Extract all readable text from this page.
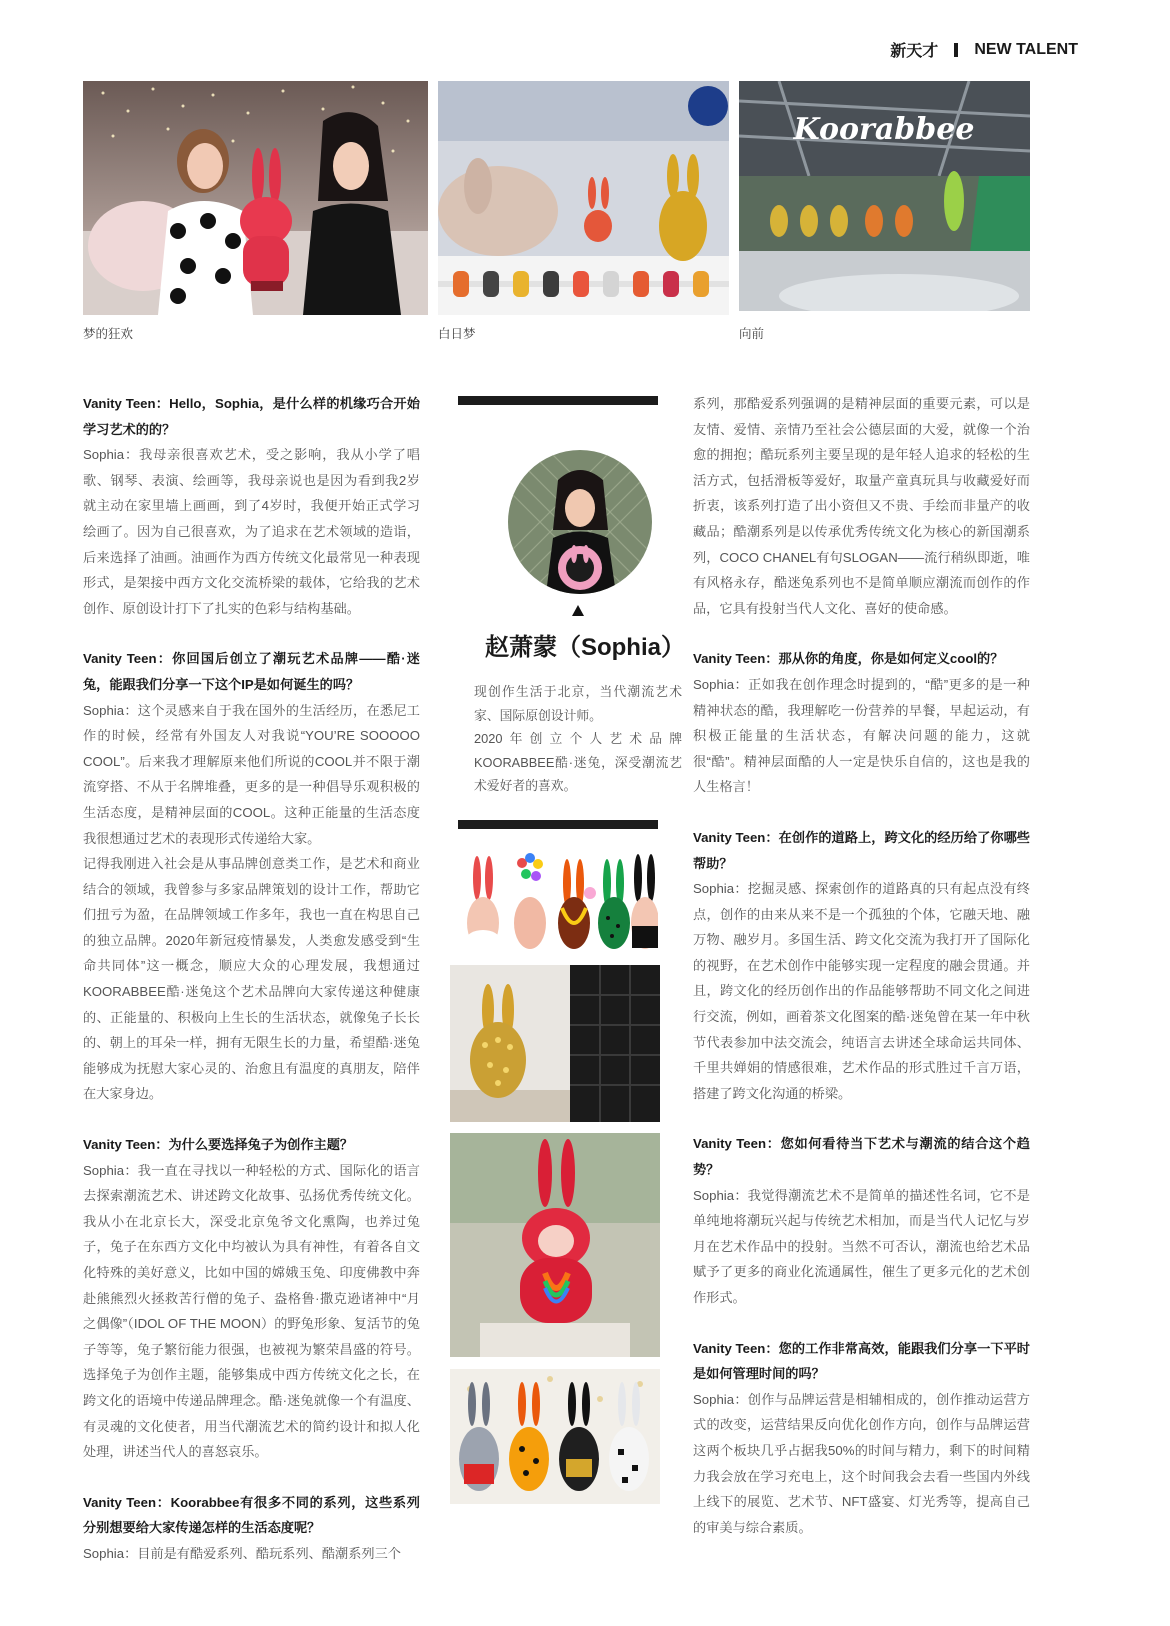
新天才 NEW TALENT
梦的狂欢	白日梦
Koorabbee
向前

Vanity Teen：Hello，Sophia，是什么样的机缘巧合开始学习艺术的的？

Sophia：我母亲很喜欢艺术，受之影响，我从小学了唱歌、钢琴、表演、绘画等，我母亲说也是因为看到我2岁就主动在家里墙上画画，到了4岁时，我便开始正式学习绘画了。因为自己很喜欢，为了追求在艺术领域的造诣，后来选择了油画。油画作为西方传统文化最常见一种表现形式，是架接中西方文化交流桥梁的载体，它给我的艺术创作、原创设计打下了扎实的色彩与结构基础。

Vanity Teen：你回国后创立了潮玩艺术品牌——酷·迷兔，能跟我们分享一下这个IP是如何诞生的吗？

Sophia：这个灵感来自于我在国外的生活经历，在悉尼工作的时候，经常有外国友人对我说“YOU’RE SOOOOO COOL”。后来我才理解原来他们所说的COOL并不限于潮流穿搭、不从于名牌堆叠，更多的是一种倡导乐观积极的生活态度，是精神层面的COOL。这种正能量的生活态度我很想通过艺术的表现形式传递给大家。

记得我刚进入社会是从事品牌创意类工作，是艺术和商业结合的领域，我曾参与多家品牌策划的设计工作，帮助它们扭亏为盈，在品牌领域工作多年，我也一直在构思自己的独立品牌。2020年新冠疫情暴发，人类愈发感受到“生命共同体”这一概念，顺应大众的心理发展，我想通过KOORABBEE酷·迷兔这个艺术品牌向大家传递这种健康的、正能量的、积极向上生长的生活状态，就像兔子长长的、朝上的耳朵一样，拥有无限生长的力量，希望酷·迷兔能够成为抚慰大家心灵的、治愈且有温度的真朋友，陪伴在大家身边。

Vanity Teen：为什么要选择兔子为创作主题？

Sophia：我一直在寻找以一种轻松的方式、国际化的语言去探索潮流艺术、讲述跨文化故事、弘扬优秀传统文化。我从小在北京长大，深受北京兔爷文化熏陶，也养过兔子，兔子在东西方文化中均被认为具有神性，有着各自文化特殊的美好意义，比如中国的嫦娥玉兔、印度佛教中奔赴熊熊烈火拯救苦行僧的兔子、盎格鲁·撒克逊诸神中“月之偶像”（IDOL OF THE MOON）的野兔形象、复活节的兔子等等，兔子繁衍能力很强，也被视为繁荣昌盛的符号。选择兔子为创作主题，能够集成中西方传统文化之长，在跨文化的语境中传递品牌理念。酷·迷兔就像一个有温度、有灵魂的文化使者，用当代潮流艺术的简约设计和拟人化处理，讲述当代人的喜怒哀乐。

Vanity Teen：Koorabbee有很多不同的系列，这些系列分别想要给大家传递怎样的生活态度呢？

Sophia：目前是有酷爱系列、酷玩系列、酷潮系列三个

赵萧蒙（Sophia）

现创作生活于北京，当代潮流艺术家、国际原创设计师。

2020年创立个人艺术品牌KOORABBEE酷·迷兔，深受潮流艺术爱好者的喜欢。

系列，那酷爱系列强调的是精神层面的重要元素，可以是友情、爱情、亲情乃至社会公德层面的大爱，就像一个治愈的拥抱；酷玩系列主要呈现的是年轻人追求的轻松的生活方式，包括滑板等爱好，取量产童真玩具与收藏爱好而折衷，该系列打造了出小资但又不贵、手绘而非量产的收藏品；酷潮系列是以传承优秀传统文化为核心的新国潮系列，COCO CHANEL有句SLOGAN——流行稍纵即逝，唯有风格永存，酷迷兔系列也不是简单顺应潮流而创作的作品，它具有投射当代人文化、喜好的使命感。

Vanity Teen：那从你的角度，你是如何定义cool的？

Sophia：正如我在创作理念时提到的，“酷”更多的是一种精神状态的酷，我理解吃一份营养的早餐，早起运动，有积极正能量的生活状态，有解决问题的能力，这就很“酷”。精神层面酷的人一定是快乐自信的，这也是我的人生格言！

Vanity Teen：在创作的道路上，跨文化的经历给了你哪些帮助？

Sophia：挖掘灵感、探索创作的道路真的只有起点没有终点，创作的由来从来不是一个孤独的个体，它融天地、融万物、融岁月。多国生活、跨文化交流为我打开了国际化的视野，在艺术创作中能够实现一定程度的融会贯通。并且，跨文化的经历创作出的作品能够帮助不同文化之间进行交流，例如，画着茶文化图案的酷·迷兔曾在某一年中秋节代表参加中法交流会，纯语言去讲述全球命运共同体、千里共婵娟的情感很难，艺术作品的形式胜过千言万语，搭建了跨文化沟通的桥梁。

Vanity Teen：您如何看待当下艺术与潮流的结合这个趋势？

Sophia：我觉得潮流艺术不是简单的描述性名词，它不是单纯地将潮玩兴起与传统艺术相加，而是当代人记忆与岁月在艺术作品中的投射。当然不可否认，潮流也给艺术品赋予了更多的商业化流通属性，催生了更多元化的艺术创作形式。

Vanity Teen：您的工作非常高效，能跟我们分享一下平时是如何管理时间的吗？

Sophia：创作与品牌运营是相辅相成的，创作推动运营方式的改变，运营结果反向优化创作方向，创作与品牌运营这两个板块几乎占据我50%的时间与精力，剩下的时间精力我会放在学习充电上，这个时间我会去看一些国内外线上线下的展览、艺术节、NFT盛宴、灯光秀等，提高自己的审美与综合素质。
